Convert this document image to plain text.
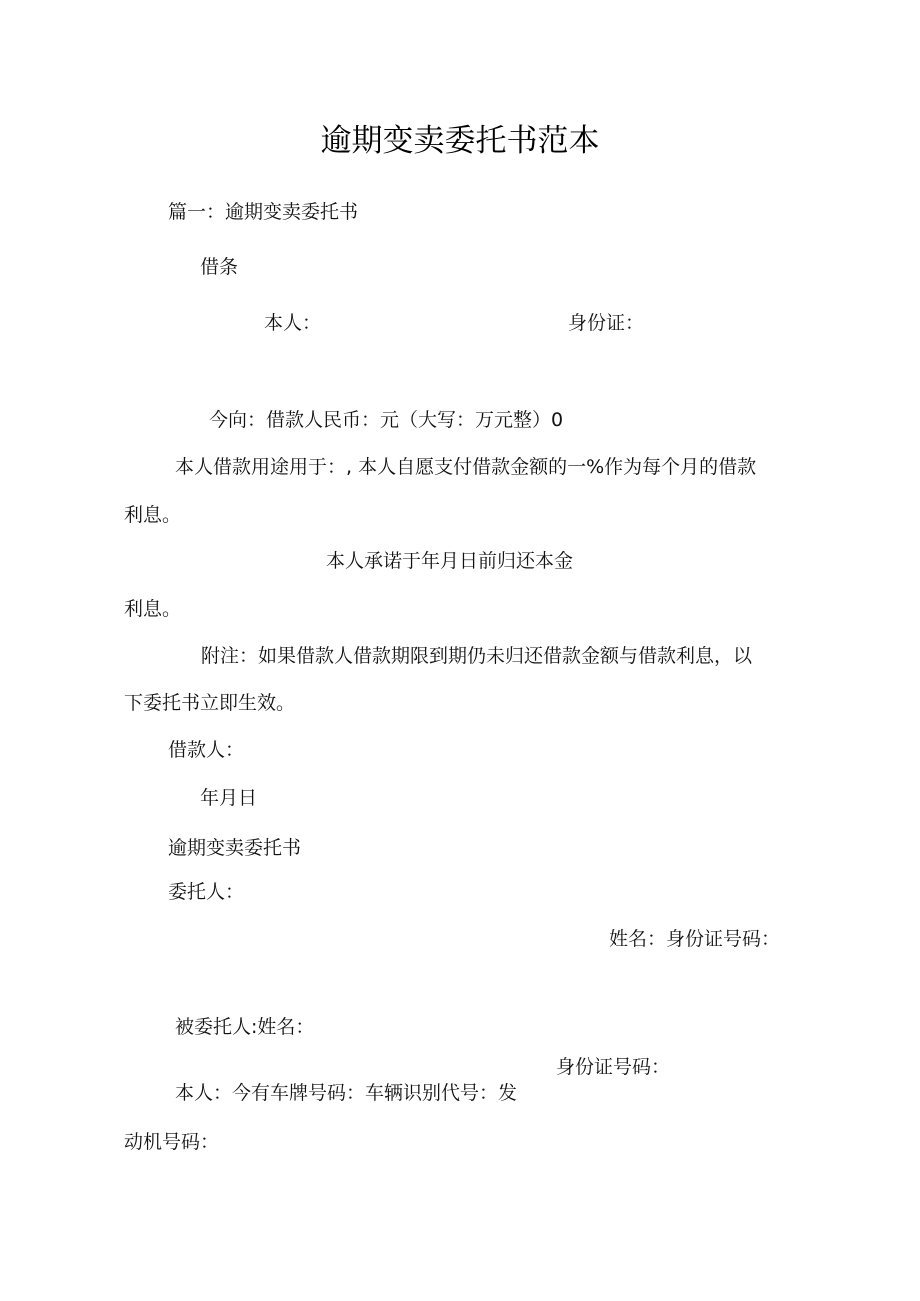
逾期变卖委托书范本
篇一：逾期变卖委托书
借条
本人：	身份证：
今向：借款人民币：元（大写：万元整）0
本人借款用途用于：, 本人自愿支付借款金额的一%作为每个月的借款
利息。
本人承诺于年月日前归还本金
利息。
附注：如果借款人借款期限到期仍未归还借款金额与借款利息，以
下委托书立即生效。
借款人：
年月日
逾期变卖委托书
委托人：
姓名：身份证号码：
被委托人:姓名：
身份证号码：
本人：今有车牌号码：车辆识别代号：发
动机号码：
